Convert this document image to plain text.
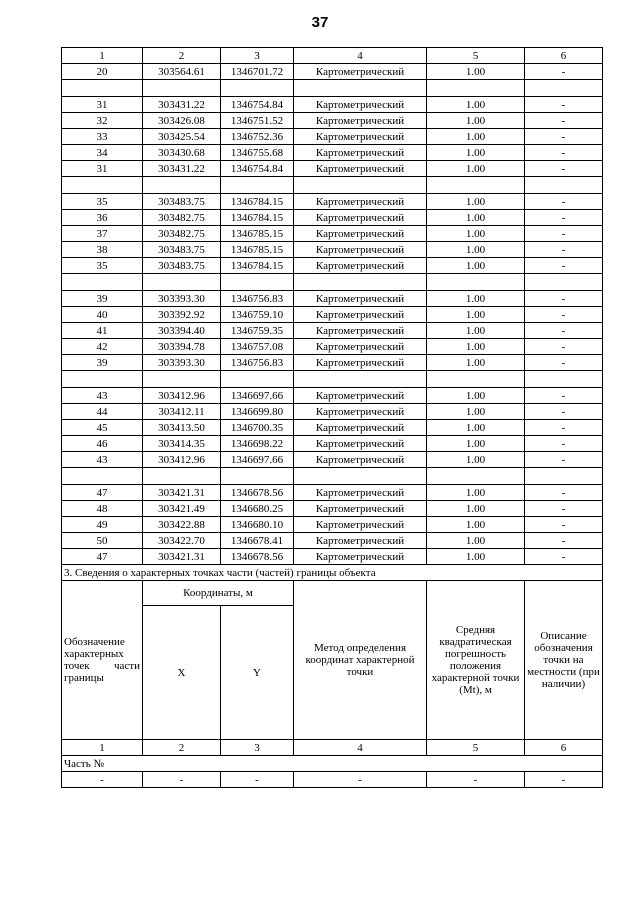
37
1	2	3	4	5	6
20	303564.61	1346701.72	Картометрический	1.00	-

31	303431.22	1346754.84	Картометрический	1.00	-
32	303426.08	1346751.52	Картометрический	1.00	-
33	303425.54	1346752.36	Картометрический	1.00	-
34	303430.68	1346755.68	Картометрический	1.00	-
31	303431.22	1346754.84	Картометрический	1.00	-

35	303483.75	1346784.15	Картометрический	1.00	-
36	303482.75	1346784.15	Картометрический	1.00	-
37	303482.75	1346785.15	Картометрический	1.00	-
38	303483.75	1346785.15	Картометрический	1.00	-
35	303483.75	1346784.15	Картометрический	1.00	-

39	303393.30	1346756.83	Картометрический	1.00	-
40	303392.92	1346759.10	Картометрический	1.00	-
41	303394.40	1346759.35	Картометрический	1.00	-
42	303394.78	1346757.08	Картометрический	1.00	-
39	303393.30	1346756.83	Картометрический	1.00	-

43	303412.96	1346697.66	Картометрический	1.00	-
44	303412.11	1346699.80	Картометрический	1.00	-
45	303413.50	1346700.35	Картометрический	1.00	-
46	303414.35	1346698.22	Картометрический	1.00	-
43	303412.96	1346697.66	Картометрический	1.00	-

47	303421.31	1346678.56	Картометрический	1.00	-
48	303421.49	1346680.25	Картометрический	1.00	-
49	303422.88	1346680.10	Картометрический	1.00	-
50	303422.70	1346678.41	Картометрический	1.00	-
47	303421.31	1346678.56	Картометрический	1.00	-
3. Сведения о характерных точках части (частей) границы объекта					
Обозначение характерных точек части границы	Координаты, м		Метод определения координат характерной точки	Средняя квадратическая погрешность положения характерной точки (Mt), м	Описание обозначения точки на местности (при наличии)
	X	Y			
1	2	3	4	5	6
Часть №					
-	-	-	-	-	-
